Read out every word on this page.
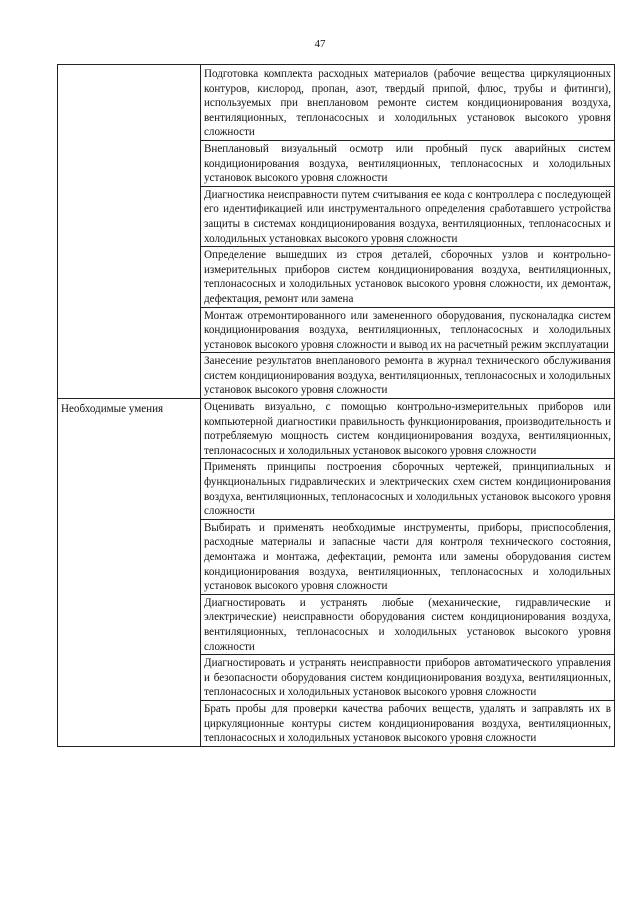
47
	Подготовка комплекта расходных материалов (рабочие вещества циркуляционных контуров, кислород, пропан, азот, твердый припой, флюс, трубы и фитинги), используемых при внеплановом ремонте систем кондиционирования воздуха, вентиляционных, теплонасосных и холодильных установок высокого уровня сложности
	Внеплановый визуальный осмотр или пробный пуск аварийных систем кондиционирования воздуха, вентиляционных, теплонасосных и холодильных установок высокого уровня сложности
	Диагностика неисправности путем считывания ее кода с контроллера с последующей его идентификацией или инструментального определения сработавшего устройства защиты в системах кондиционирования воздуха, вентиляционных, теплонасосных и холодильных установках высокого уровня сложности
	Определение вышедших из строя деталей, сборочных узлов и контрольно-измерительных приборов систем кондиционирования воздуха, вентиляционных, теплонасосных и холодильных установок высокого уровня сложности, их демонтаж, дефектация, ремонт или замена
	Монтаж отремонтированного или замененного оборудования, пусконаладка систем кондиционирования воздуха, вентиляционных, теплонасосных и холодильных установок высокого уровня сложности и вывод их на расчетный режим эксплуатации
	Занесение результатов внепланового ремонта в журнал технического обслуживания систем кондиционирования воздуха, вентиляционных, теплонасосных и холодильных установок высокого уровня сложности

Необходимые умения	Оценивать визуально, с помощью контрольно-измерительных приборов или компьютерной диагностики правильность функционирования, производительность и потребляемую мощность систем кондиционирования воздуха, вентиляционных, теплонасосных и холодильных установок высокого уровня сложности
	Применять принципы построения сборочных чертежей, принципиальных и функциональных гидравлических и электрических схем систем кондиционирования воздуха, вентиляционных, теплонасосных и холодильных установок высокого уровня сложности
	Выбирать и применять необходимые инструменты, приборы, приспособления, расходные материалы и запасные части для контроля технического состояния, демонтажа и монтажа, дефектации, ремонта или замены оборудования систем кондиционирования воздуха, вентиляционных, теплонасосных и холодильных установок высокого уровня сложности
	Диагностировать и устранять любые (механические, гидравлические и электрические) неисправности оборудования систем кондиционирования воздуха, вентиляционных, теплонасосных и холодильных установок высокого уровня сложности
	Диагностировать и устранять неисправности приборов автоматического управления и безопасности оборудования систем кондиционирования воздуха, вентиляционных, теплонасосных и холодильных установок высокого уровня сложности
	Брать пробы для проверки качества рабочих веществ, удалять и заправлять их в циркуляционные контуры систем кондиционирования воздуха, вентиляционных, теплонасосных и холодильных установок высокого уровня сложности
